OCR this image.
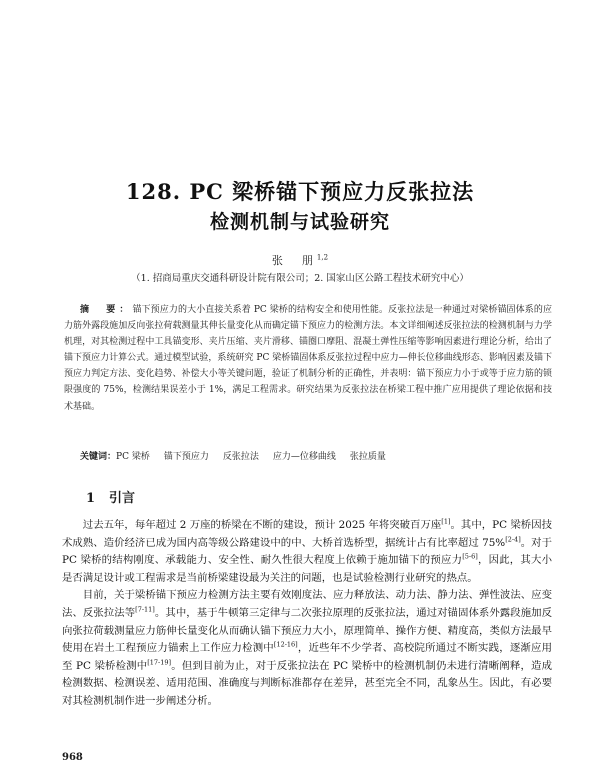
128. PC 梁桥锚下预应力反张拉法
检测机制与试验研究
张　朋$^{1,2}$
（1. 招商局重庆交通科研设计院有限公司；2. 国家山区公路工程技术研究中心）
摘　要：锚下预应力的大小直接关系着 PC 梁桥的结构安全和使用性能。反张拉法是一种通过对梁桥锚固体系的应力筋外露段施加反向张拉荷载测量其伸长量变化从而确定锚下预应力的检测方法。本文详细阐述反张拉法的检测机制与力学机理，对其检测过程中工具锚变形、夹片压缩、夹片滑移、锚圈口摩阻、混凝土弹性压缩等影响因素进行理论分析，给出了锚下预应力计算公式。通过模型试验，系统研究 PC 梁桥锚固体系反张拉过程中应力—伸长位移曲线形态、影响因素及锚下预应力判定方法、变化趋势、补偿大小等关键问题，验证了机制分析的正确性，并表明：锚下预应力小于或等于应力筋的锁限强度的 75%，检测结果误差小于 1%，满足工程需求。研究结果为反张拉法在桥梁工程中推广应用提供了理论依据和技术基础。
关键词：PC 梁桥 锚下预应力 反张拉法 应力—位移曲线 张拉质量
1 引言

过去五年，每年超过 2 万座的桥梁在不断的建设，预计 2025 年将突破百万座[1]。其中，PC 梁桥因技术成熟、造价经济已成为国内高等级公路建设中的中、大桥首选桥型，据统计占有比率超过 75%[2-4]。对于 PC 梁桥的结构刚度、承载能力、安全性、耐久性很大程度上依赖于施加锚下的预应力[5-6]，因此，其大小是否满足设计或工程需求是当前桥梁建设最为关注的问题，也是试验检测行业研究的热点。

目前，关于梁桥锚下预应力检测方法主要有效刚度法、应力释放法、动力法、静力法、弹性波法、应变法、反张拉法等[7-11]。其中，基于牛顿第三定律与二次张拉原理的反张拉法，通过对锚固体系外露段施加反向张拉荷载测量应力筋伸长量变化从而确认锚下预应力大小，原理简单、操作方便、精度高，类似方法最早使用在岩土工程预应力锚索上工作应力检测中[12-16]，近些年不少学者、高校院所通过不断实践，逐渐应用至 PC 梁桥检测中[17-19]。但到目前为止，对于反张拉法在 PC 梁桥中的检测机制仍未进行清晰阐释，造成检测数据、检测误差、适用范围、准确度与判断标准都存在差异，甚至完全不同，乱象丛生。因此，有必要对其检测机制作进一步阐述分析。

968
